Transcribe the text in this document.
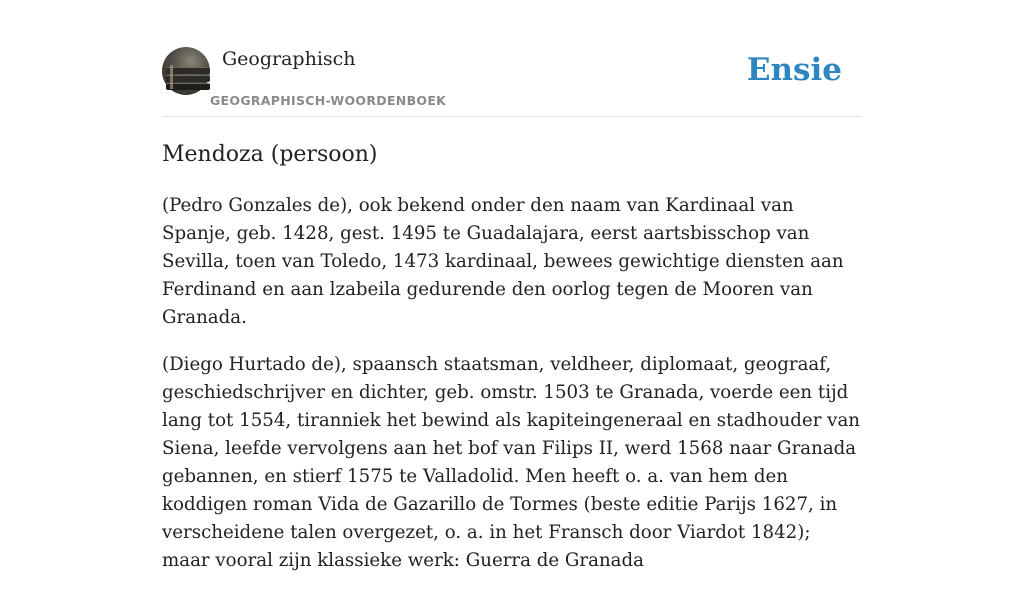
Geographisch
GEOGRAPHISCH-WOORDENBOEK
Ensie
Mendoza (persoon)

(Pedro Gonzales de), ook bekend onder den naam van Kardinaal van Spanje, geb. 1428, gest. 1495 te Guadalajara, eerst aartsbisschop van Sevilla, toen van Toledo, 1473 kardinaal, bewees gewichtige diensten aan Ferdinand en aan lzabeila gedurende den oorlog tegen de Mooren van Granada.

(Diego Hurtado de), spaansch staatsman, veldheer, diplomaat, geograaf, geschiedschrijver en dichter, geb. omstr. 1503 te Granada, voerde een tijd lang tot 1554, tiranniek het bewind als kapiteingeneraal en stadhouder van Siena, leefde vervolgens aan het bof van Filips II, werd 1568 naar Granada gebannen, en stierf 1575 te Valladolid. Men heeft o. a. van hem den koddigen roman Vida de Gazarillo de Tormes (beste editie Parijs 1627, in verscheidene talen overgezet, o. a. in het Fransch door Viardot 1842); maar vooral zijn klassieke werk: Guerra de Granada
